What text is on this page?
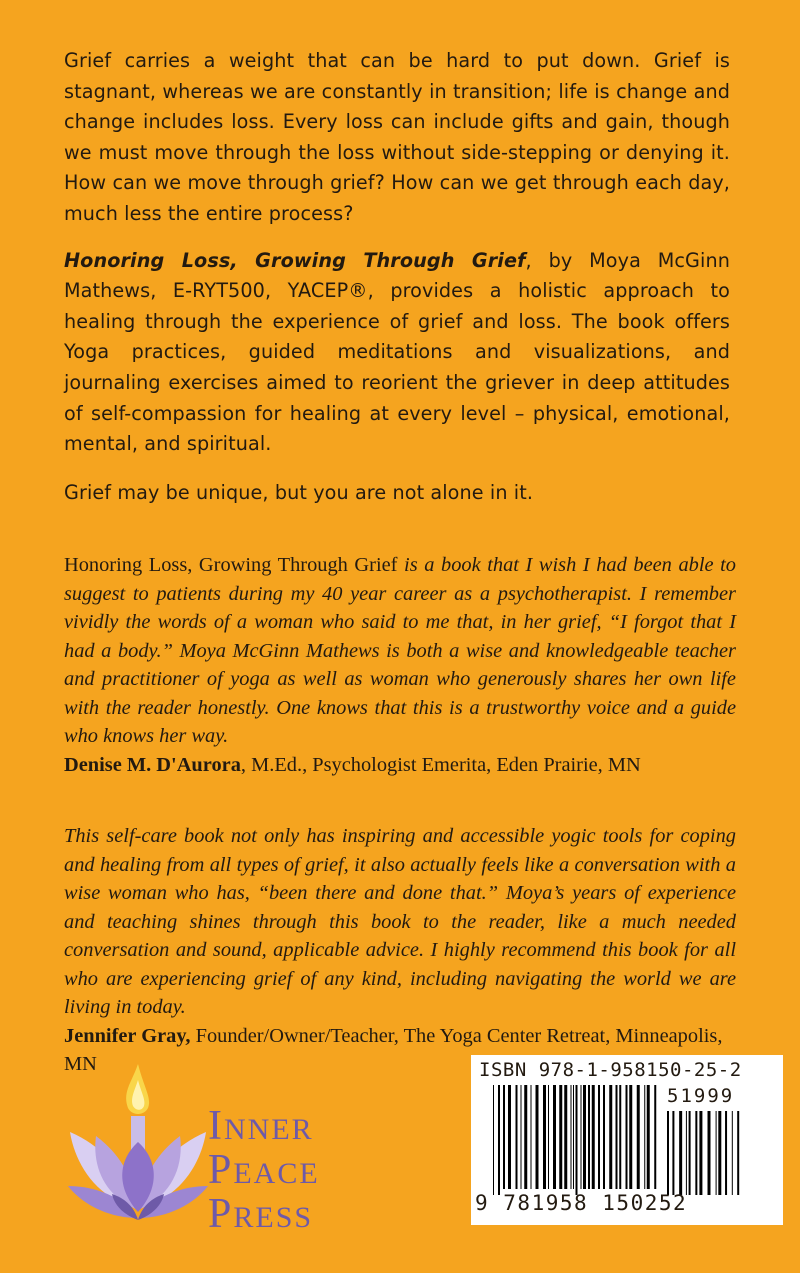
Grief carries a weight that can be hard to put down. Grief is stagnant, whereas we are constantly in transition; life is change and change includes loss. Every loss can include gifts and gain, though we must move through the loss without side-stepping or denying it. How can we move through grief? How can we get through each day, much less the entire process?

Honoring Loss, Growing Through Grief, by Moya McGinn Mathews, E-RYT500, YACEP®, provides a holistic approach to healing through the experience of grief and loss. The book offers Yoga practices, guided meditations and visualizations, and journaling exercises aimed to reorient the griever in deep attitudes of self-compassion for healing at every level – physical, emotional, mental, and spiritual.

Grief may be unique, but you are not alone in it.

Honoring Loss, Growing Through Grief is a book that I wish I had been able to suggest to patients during my 40 year career as a psychotherapist. I remember vividly the words of a woman who said to me that, in her grief, “I forgot that I had a body.” Moya McGinn Mathews is both a wise and knowledgeable teacher and practitioner of yoga as well as woman who generously shares her own life with the reader honestly. One knows that this is a trustworthy voice and a guide who knows her way.
Denise M. D'Aurora, M.Ed., Psychologist Emerita, Eden Prairie, MN
This self-care book not only has inspiring and accessible yogic tools for coping and healing from all types of grief, it also actually feels like a conversation with a wise woman who has, “been there and done that.” Moya’s years of experience and teaching shines through this book to the reader, like a much needed conversation and sound, applicable advice. I highly recommend this book for all who are experiencing grief of any kind, including navigating the world we are living in today.
Jennifer Gray, Founder/Owner/Teacher, The Yoga Center Retreat, Minneapolis, MN
INNER
PEACE
PRESS
ISBN 978-1-958150-25-2
51999
9 781958 150252
